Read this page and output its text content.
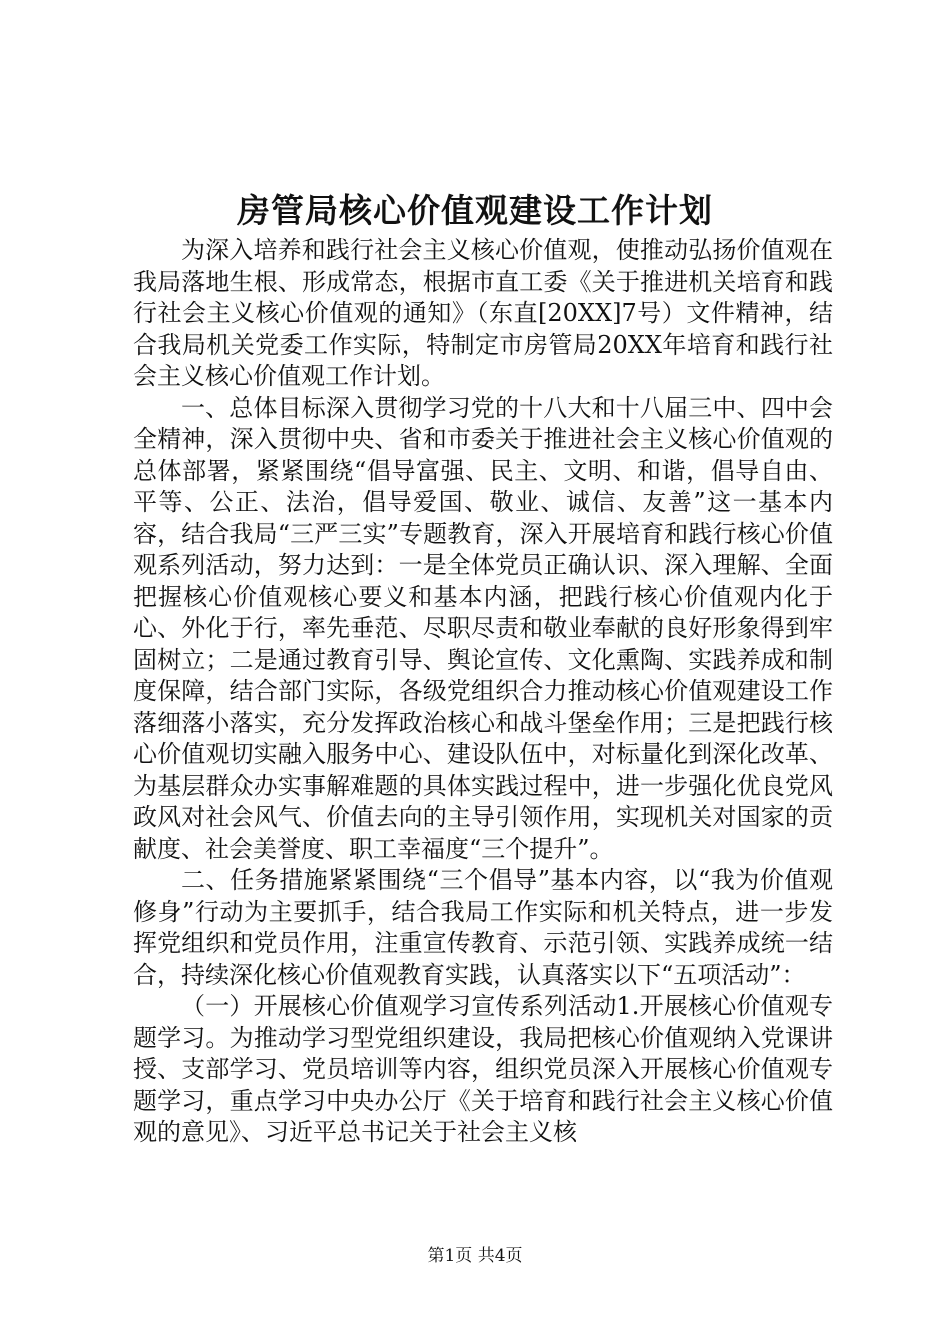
房管局核心价值观建设工作计划

为深入培养和践行社会主义核心价值观，使推动弘扬价值观在我局落地生根、形成常态，根据市直工委《关于推进机关培育和践行社会主义核心价值观的通知》（东直[20XX]7号）文件精神，结合我局机关党委工作实际，特制定市房管局20XX年培育和践行社会主义核心价值观工作计划。

一、总体目标深入贯彻学习党的十八大和十八届三中、四中会全精神，深入贯彻中央、省和市委关于推进社会主义核心价值观的总体部署，紧紧围绕“倡导富强、民主、文明、和谐，倡导自由、平等、公正、法治，倡导爱国、敬业、诚信、友善”这一基本内容，结合我局“三严三实”专题教育，深入开展培育和践行核心价值观系列活动，努力达到：一是全体党员正确认识、深入理解、全面把握核心价值观核心要义和基本内涵，把践行核心价值观内化于心、外化于行，率先垂范、尽职尽责和敬业奉献的良好形象得到牢固树立；二是通过教育引导、舆论宣传、文化熏陶、实践养成和制度保障，结合部门实际，各级党组织合力推动核心价值观建设工作落细落小落实，充分发挥政治核心和战斗堡垒作用；三是把践行核心价值观切实融入服务中心、建设队伍中，对标量化到深化改革、为基层群众办实事解难题的具体实践过程中，进一步强化优良党风政风对社会风气、价值去向的主导引领作用，实现机关对国家的贡献度、社会美誉度、职工幸福度“三个提升”。

二、任务措施紧紧围绕“三个倡导”基本内容，以“我为价值观修身”行动为主要抓手，结合我局工作实际和机关特点，进一步发挥党组织和党员作用，注重宣传教育、示范引领、实践养成统一结合，持续深化核心价值观教育实践，认真落实以下“五项活动”：

（一）开展核心价值观学习宣传系列活动1.开展核心价值观专题学习。为推动学习型党组织建设，我局把核心价值观纳入党课讲授、支部学习、党员培训等内容，组织党员深入开展核心价值观专题学习，重点学习中央办公厅《关于培育和践行社会主义核心价值观的意见》、习近平总书记关于社会主义核

第1页 共4页
